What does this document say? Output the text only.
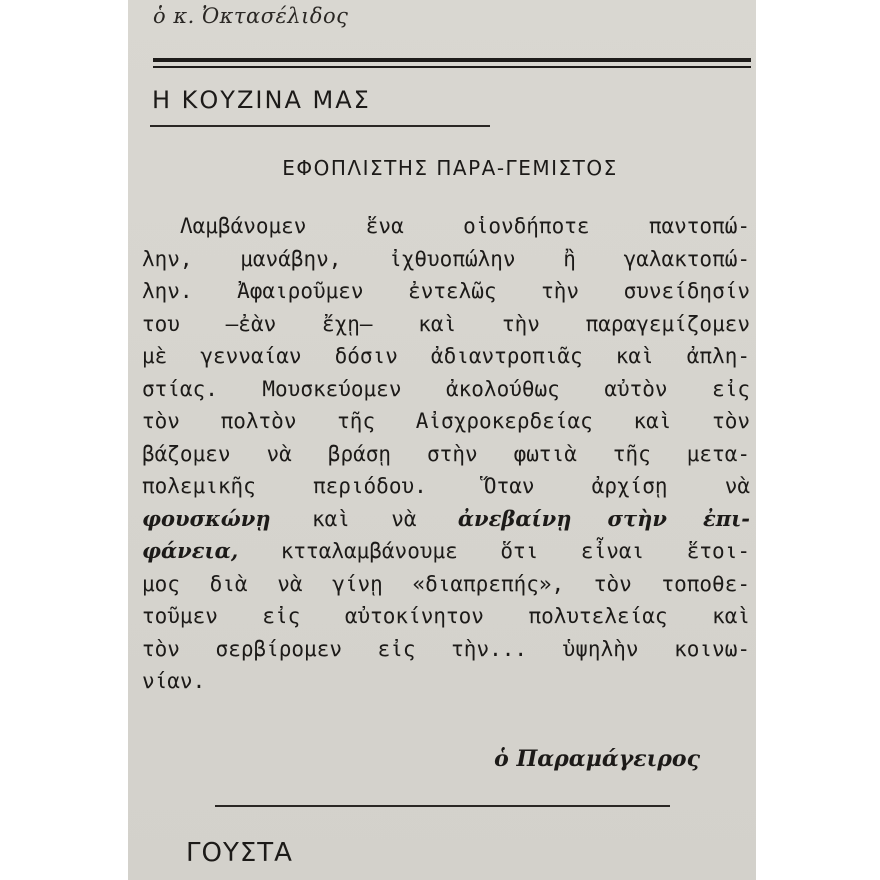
ὁ κ. Ὀκτασέλιδος
Η ΚΟΥΖΙΝΑ ΜΑΣ
ΕΦΟΠΛΙΣΤΗΣ ΠΑΡΑ-ΓΕΜΙΣΤΟΣ
Λαμβάνομεν ἕνα οἱονδήποτε παντοπώ-
λην, μανάβην, ἰχθυοπώλην ἢ γαλακτοπώ-
λην. Ἀφαιροῦμεν ἐντελῶς τὴν συνείδησίν
του —ἐὰν ἔχῃ— καὶ τὴν παραγεμίζομεν
μὲ γενναίαν δόσιν ἀδιαντροπιᾶς καὶ ἀπλη-
στίας. Μουσκεύομεν ἀκολούθως αὐτὸν εἰς
τὸν πολτὸν τῆς Αἰσχροκερδείας καὶ τὸν
βάζομεν νὰ βράσῃ στὴν φωτιὰ τῆς μετα-
πολεμικῆς περιόδου. Ὅταν ἀρχίσῃ νὰ
φουσκώνῃ καὶ νὰ ἀνεβαίνῃ στὴν ἐπι-
φάνεια, κτταλαμβάνουμε ὅτι εἶναι ἕτοι-
μος διὰ νὰ γίνῃ «διαπρεπής», τὸν τοποθε-
τοῦμεν εἰς αὐτοκίνητον πολυτελείας καὶ
τὸν σερβίρομεν εἰς τὴν... ὑψηλὴν κοινω-
νίαν.
ὁ Παραμάγειρος
ΓΟΥΣΤΑ
